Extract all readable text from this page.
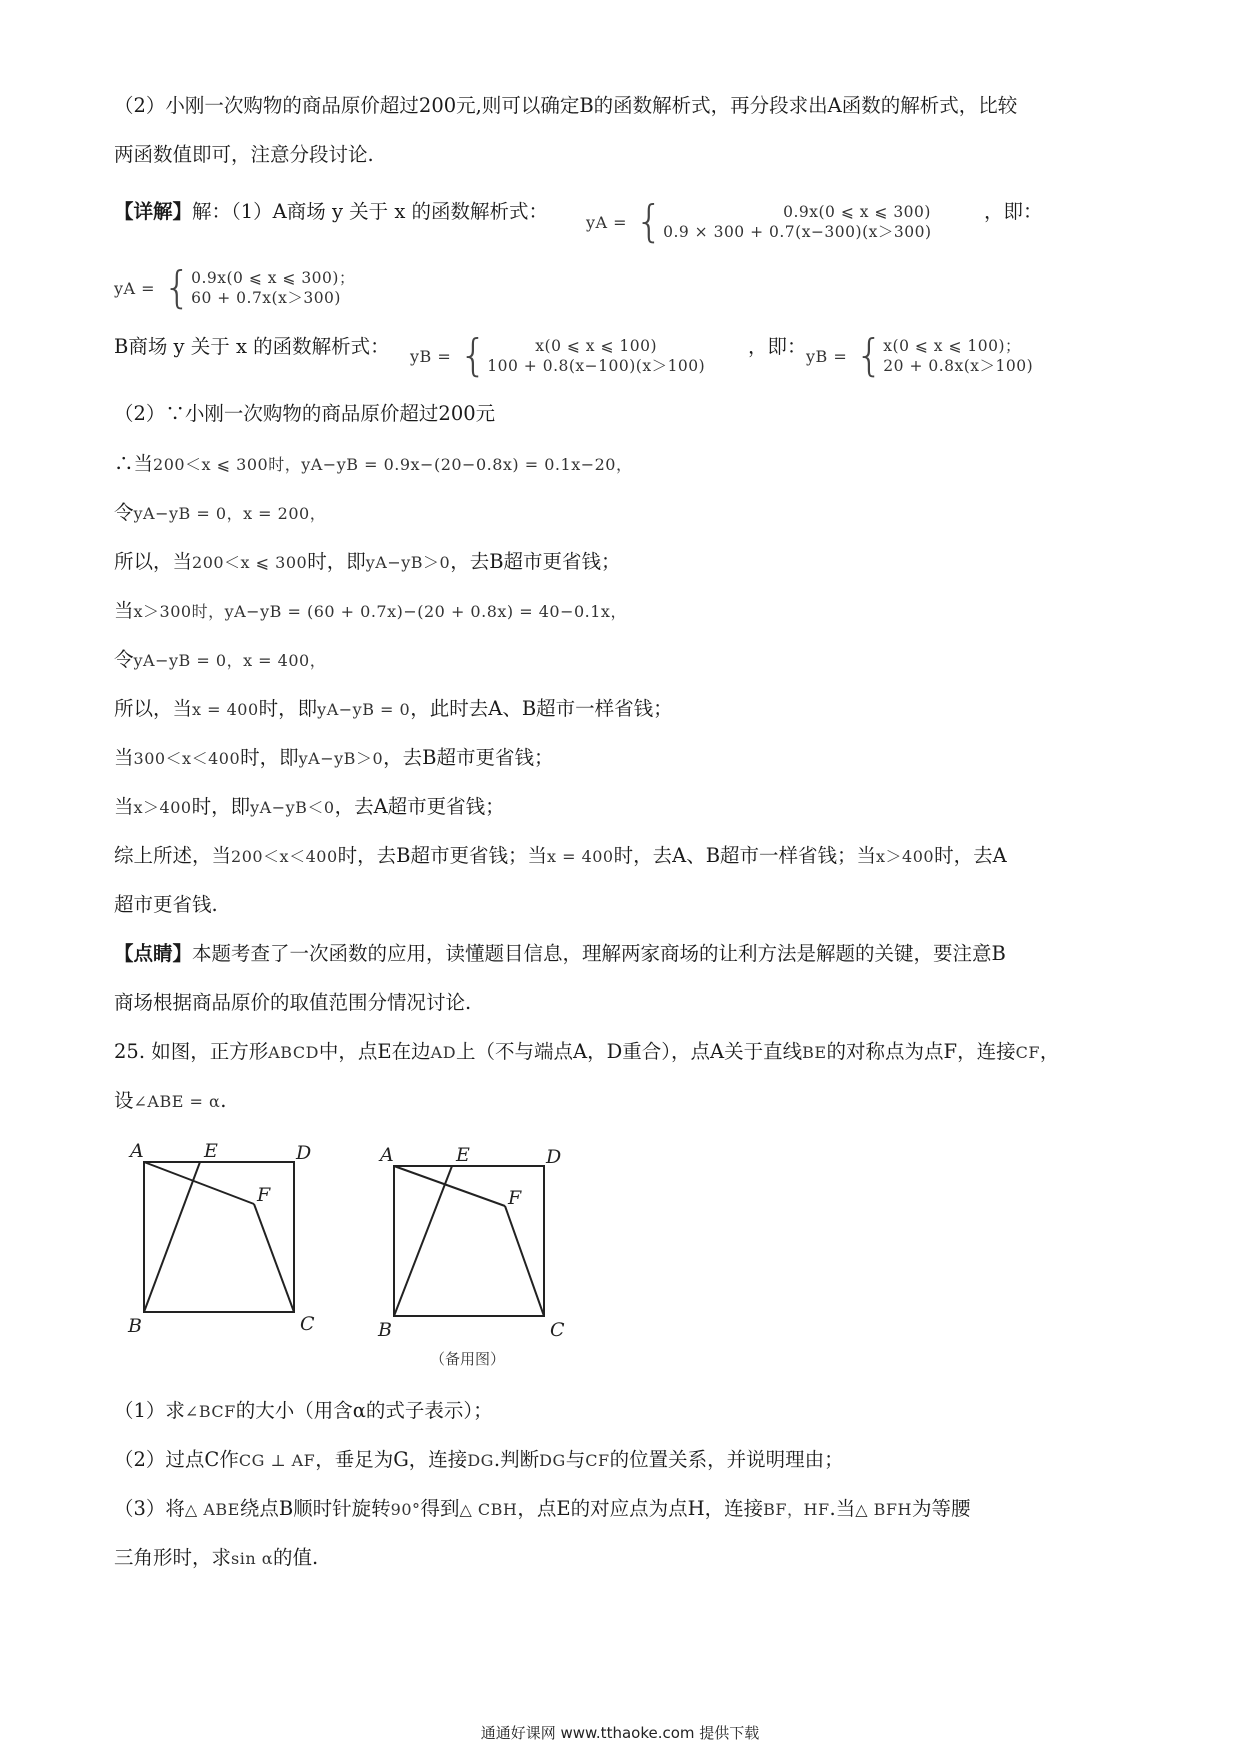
（2）小刚一次购物的商品原价超过200元,则可以确定B的函数解析式，再分段求出A函数的解析式，比较
两函数值即可，注意分段讨论.
【详解】解：（1）A商场 y 关于 x 的函数解析式： yA = {	0.9x(0 ⩽ x ⩽ 300)
0.9 × 300 + 0.7(x−300)(x＞300)
，即：
yA = { 0.9x(0 ⩽ x ⩽ 300)；
60 + 0.7x(x＞300)
B商场 y 关于 x 的函数解析式： yB = {	x(0 ⩽ x ⩽ 100)
100 + 0.8(x−100)(x＞100)
，即： yB = { x(0 ⩽ x ⩽ 100)；
20 + 0.8x(x＞100)
（2）∵小刚一次购物的商品原价超过200元
∴当200＜x ⩽ 300时，yA−yB = 0.9x−(20−0.8x) = 0.1x−20，
令yA−yB = 0，x = 200，
所以，当200＜x ⩽ 300时，即yA−yB＞0，去B超市更省钱；
当x＞300时，yA−yB = (60 + 0.7x)−(20 + 0.8x) = 40−0.1x，
令yA−yB = 0，x = 400，
所以，当x = 400时，即yA−yB = 0，此时去A、B超市一样省钱；
当300＜x＜400时，即yA−yB＞0，去B超市更省钱；
当x＞400时，即yA−yB＜0，去A超市更省钱；
综上所述，当200＜x＜400时，去B超市更省钱；当x = 400时，去A、B超市一样省钱；当x＞400时，去A
超市更省钱.
【点睛】本题考查了一次函数的应用，读懂题目信息，理解两家商场的让利方法是解题的关键，要注意B
商场根据商品原价的取值范围分情况讨论.
25. 如图，正方形ABCD中，点E在边AD上（不与端点A，D重合），点A关于直线BE的对称点为点F，连接CF，
设∠ABE = α.
A	E	D
F
B	C
A	E	D
F
B	C
（备用图）
（1）求∠BCF的大小（用含α的式子表示）；
（2）过点C作CG ⊥ AF，垂足为G，连接DG.判断DG与CF的位置关系，并说明理由；
（3）将△ ABE绕点B顺时针旋转90°得到△ CBH，点E的对应点为点H，连接BF，HF.当△ BFH为等腰
三角形时，求sin α的值.
通通好课网 www.tthaoke.com 提供下载
